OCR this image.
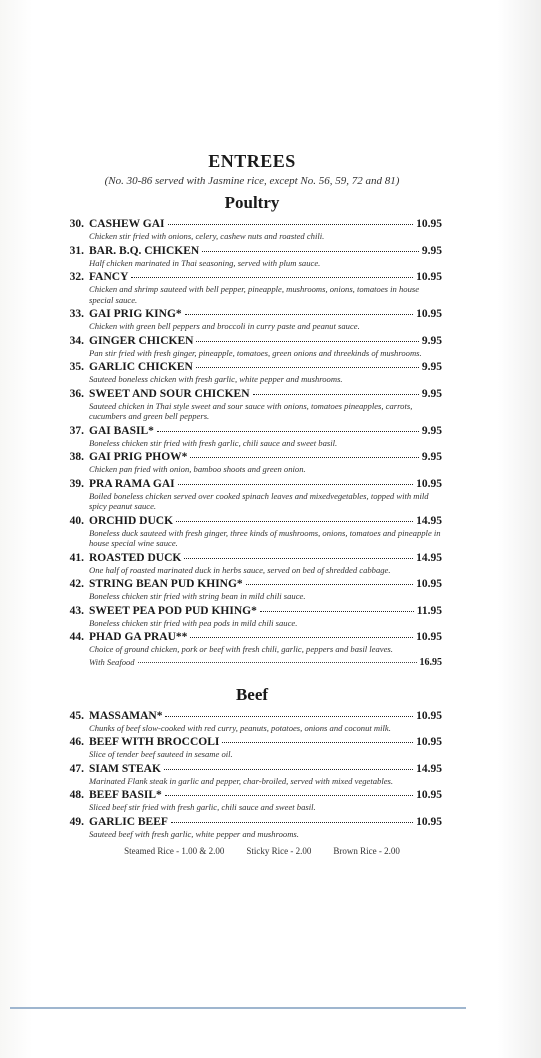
ENTREES

(No. 30-86 served with Jasmine rice, except No. 56, 59, 72 and 81)

Poultry
30. CASHEW GAI	10.95
Chicken stir fried with onions, celery, cashew nuts and roasted chili.
31. BAR. B.Q. CHICKEN	9.95
Half chicken marinated in Thai seasoning, served with plum sauce.
32. FANCY	10.95
Chicken and shrimp sauteed with bell pepper, pineapple, mushrooms, onions, tomatoes in house special sauce.
33. GAI PRIG KING*	10.95
Chicken with green bell peppers and broccoli in curry paste and peanut sauce.
34. GINGER CHICKEN	9.95
Pan stir fried with fresh ginger, pineapple, tomatoes, green onions and threekinds of mushrooms.
35. GARLIC CHICKEN	9.95
Sauteed boneless chicken with fresh garlic, white pepper and mushrooms.
36. SWEET AND SOUR CHICKEN	9.95
Sauteed chicken in Thai style sweet and sour sauce with onions, tomatoes pineapples, carrots, cucumbers and green bell peppers.
37. GAI BASIL*	9.95
Boneless chicken stir fried with fresh garlic, chili sauce and sweet basil.
38. GAI PRIG PHOW*	9.95
Chicken pan fried with onion, bamboo shoots and green onion.
39. PRA RAMA GAI	10.95
Boiled boneless chicken served over cooked spinach leaves and mixedvegetables, topped with mild spicy peanut sauce.
40. ORCHID DUCK	14.95
Boneless duck sauteed with fresh ginger, three kinds of mushrooms, onions, tomatoes and pineapple in house special wine sauce.
41. ROASTED DUCK	14.95
One half of roasted marinated duck in herbs sauce, served on bed of shredded cabbage.
42. STRING BEAN PUD KHING*	10.95
Boneless chicken stir fried with string bean in mild chili sauce.
43. SWEET PEA POD PUD KHING*	11.95
Boneless chicken stir fried with pea pods in mild chili sauce.
44. PHAD GA PRAU**	10.95
Choice of ground chicken, pork or beef with fresh chili, garlic, peppers and basil leaves.
With Seafood	16.95
Beef
45. MASSAMAN*	10.95
Chunks of beef slow-cooked with red curry, peanuts, potatoes, onions and coconut milk.
46. BEEF WITH BROCCOLI	10.95
Slice of tender beef sauteed in sesame oil.
47. SIAM STEAK	14.95
Marinated Flank steak in garlic and pepper, char-broiled, served with mixed vegetables.
48. BEEF BASIL*	10.95
Sliced beef stir fried with fresh garlic, chili sauce and sweet basil.
49. GARLIC BEEF	10.95
Sauteed beef with fresh garlic, white pepper and mushrooms.
Steamed Rice - 1.00 & 2.00 Sticky Rice - 2.00 Brown Rice - 2.00
